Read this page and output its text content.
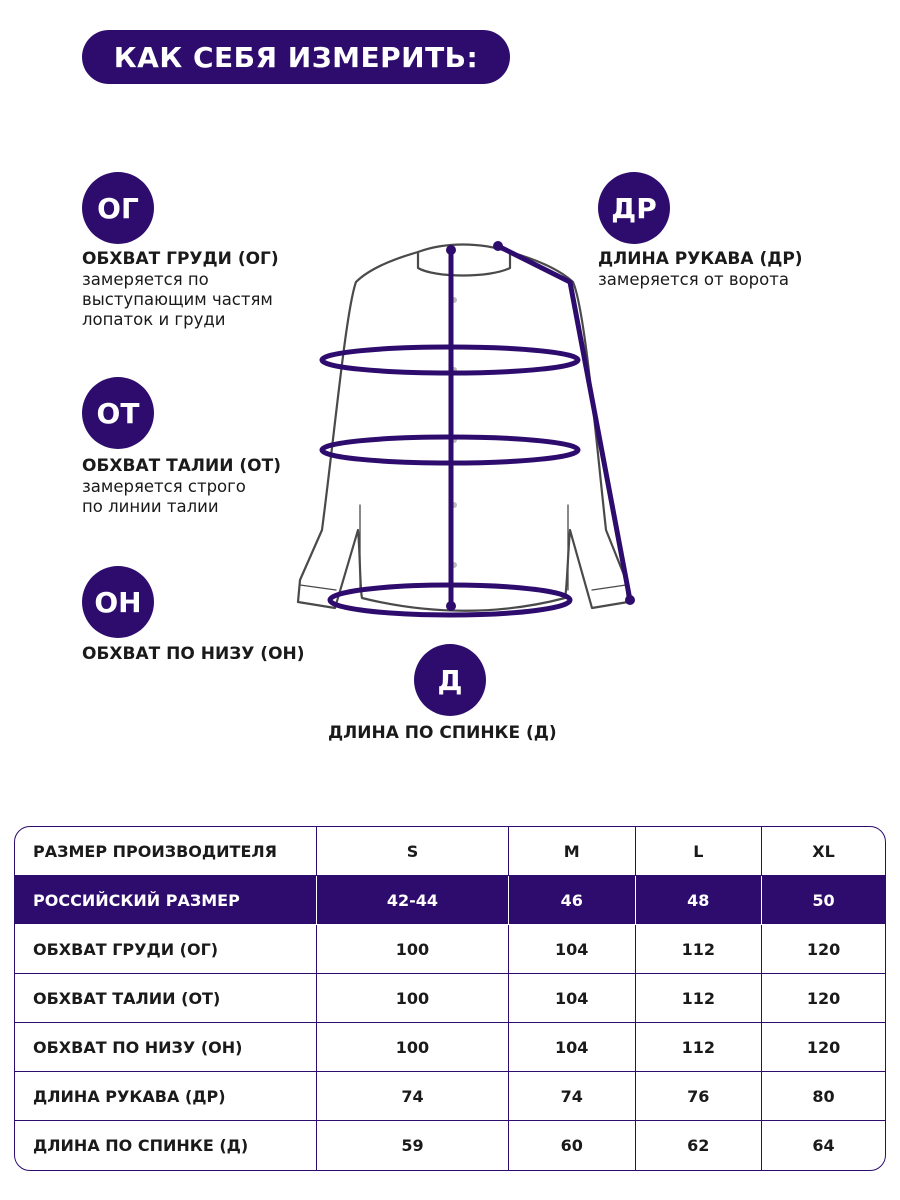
КАК СЕБЯ ИЗМЕРИТЬ:
ОГ
ОБХВАТ ГРУДИ (ОГ)
замеряется по
выступающим частям
лопаток и груди
ОТ
ОБХВАТ ТАЛИИ (ОТ)
замеряется строго
по линии талии
ОН
ОБХВАТ ПО НИЗУ (ОН)
ДР
ДЛИНА РУКАВА (ДР)
замеряется от ворота
Д
ДЛИНА ПО СПИНКЕ (Д)
РАЗМЕР ПРОИЗВОДИТЕЛЯ	S	M	L	XL
РОССИЙСКИЙ РАЗМЕР	42-44	46	48	50
ОБХВАТ ГРУДИ (ОГ)	100	104	112	120
ОБХВАТ ТАЛИИ (ОТ)	100	104	112	120
ОБХВАТ ПО НИЗУ (ОН)	100	104	112	120
ДЛИНА РУКАВА (ДР)	74	74	76	80
ДЛИНА ПО СПИНКЕ (Д)	59	60	62	64
